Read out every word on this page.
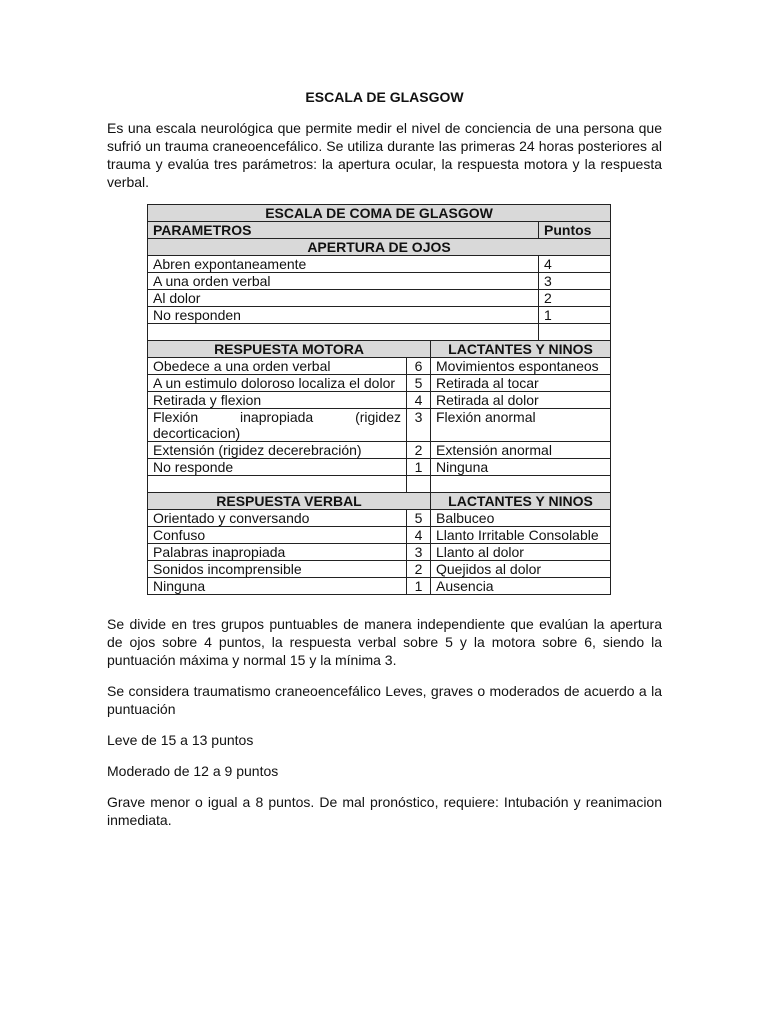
ESCALA DE GLASGOW

Es una escala neurológica que permite medir el nivel de conciencia de una persona que sufrió un trauma craneoencefálico. Se utiliza durante las primeras 24 horas posteriores al trauma y evalúa tres parámetros: la apertura ocular, la respuesta motora y la respuesta verbal.

Se divide en tres grupos puntuables de manera independiente que evalúan la apertura de ojos sobre 4 puntos, la respuesta verbal sobre 5 y la motora sobre 6, siendo la puntuación máxima y normal 15 y la mínima 3.

Se considera traumatismo craneoencefálico Leves, graves o moderados de acuerdo a la puntuación

Leve de 15 a 13 puntos

Moderado de 12 a 9 puntos

Grave menor o igual a 8 puntos. De mal pronóstico, requiere: Intubación y reanimacion inmediata.

ESCALA DE COMA DE GLASGOW			
PARAMETROS			Puntos
APERTURA DE OJOS			
Abren expontaneamente			4
A una orden verbal			3
Al dolor			2
No responden			1

RESPUESTA MOTORA		LACTANTES Y NINOS	
Obedece a una orden verbal	6	Movimientos espontaneos	
A un estimulo doloroso localiza el dolor	5	Retirada al tocar	
Retirada y flexion	4	Retirada al dolor	

Flexión inapropiada (rigidez
decorticacion)	3	Flexión anormal	
Extensión (rigidez decerebración)	2	Extensión anormal	
No responde	1	Ninguna	

RESPUESTA VERBAL		LACTANTES Y NINOS	
Orientado y conversando	5	Balbuceo	
Confuso	4	Llanto Irritable Consolable	
Palabras inapropiada	3	Llanto al dolor	
Sonidos incomprensible	2	Quejidos al dolor	
Ninguna	1	Ausencia	
